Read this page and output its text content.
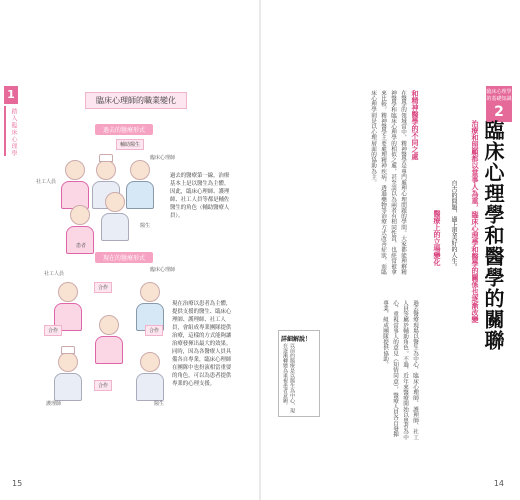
1
踏入臨床心理學
臨床心理師的職業變化
過去的醫療形式
輔助醫生
社工人員
臨床心理師
醫生
患者
過去的醫療第一線，治療基本上是以醫生為主體。因此，臨床心理師、護理師、社工人員等都是輔佐醫生的角色（輔助醫療人員）。
現在的醫療形式
社工人員
臨床心理師
合作
合作	合作
合作
護理師	醫生
現在治療以患者為主體，提供支援的醫生、臨床心理師、護理師、社工人員，會組成專業團隊提供治療，這樣的方式能夠讓治療發揮出最大的效果。同時，因為各醫療人員具備各自專業，臨床心理師在團隊中也扮演相當重要的角色，可以為患者提供專業的心理支援。
15
臨床心理學的基礎知識
2
臨床心理學和醫學的關聯
治療和照顧都以當事人為重，臨床心理學和醫學的關係也逐漸改變
自古的問題，過上更美好的人生。
和精神醫學的不同之處
在醫學的領域當中，精神醫學是專門處理心理問題的學問。大家都能理解精神醫學和臨床心理學的相似之處，甚至誤以為兩者有相同性質，也經常被拿來比較。精神醫學主要處理精神疾病，透過藥物等治療方式改善症狀，而臨床心理學則是以心理層面的協助為主。
醫療上的立場變化
過去醫療現場以醫生為中心，臨床心理師、護理師、社工人員等屬於輔助角色。不過，近年來醫療開始以患者為中心，重視當事人的意見（知情同意），醫療人員各自發揮專業，組成團隊提供協助。
詳細解說！
以前的醫療是以醫生為中心，現在逐漸轉變為重視患者意願。
14
